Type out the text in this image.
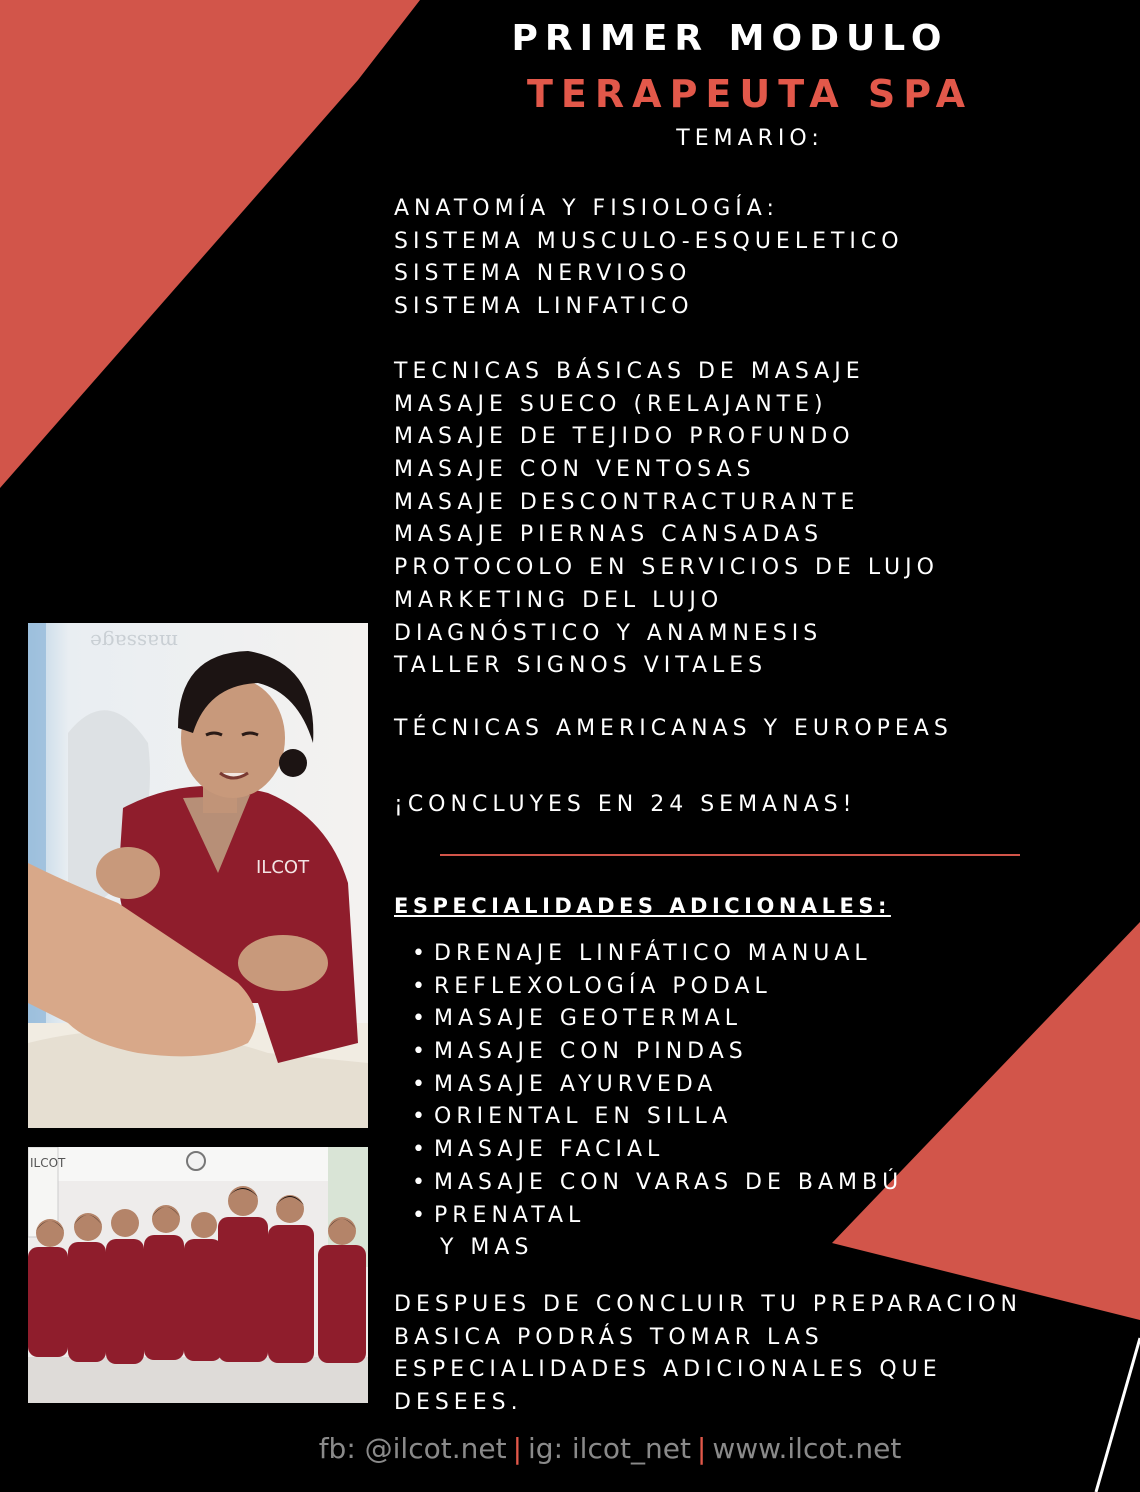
PRIMER MODULO
TERAPEUTA SPA
TEMARIO:
ANATOMÍA Y FISIOLOGÍA:
SISTEMA MUSCULO-ESQUELETICO
SISTEMA NERVIOSO
SISTEMA LINFATICO
TECNICAS BÁSICAS DE MASAJE
MASAJE SUECO (RELAJANTE)
MASAJE DE TEJIDO PROFUNDO
MASAJE CON VENTOSAS
MASAJE DESCONTRACTURANTE
MASAJE PIERNAS CANSADAS
PROTOCOLO EN SERVICIOS DE LUJO
MARKETING DEL LUJO
DIAGNÓSTICO Y ANAMNESIS
TALLER SIGNOS VITALES
TÉCNICAS AMERICANAS Y EUROPEAS
¡CONCLUYES EN 24 SEMANAS!
ESPECIALIDADES ADICIONALES:
• DRENAJE LINFÁTICO MANUAL
• REFLEXOLOGÍA PODAL
• MASAJE GEOTERMAL
• MASAJE CON PINDAS
• MASAJE AYURVEDA
• ORIENTAL EN SILLA
• MASAJE FACIAL
• MASAJE CON VARAS DE BAMBÚ
• PRENATAL
Y MAS
DESPUES DE CONCLUIR TU PREPARACION
BASICA PODRÁS TOMAR LAS
ESPECIALIDADES ADICIONALES QUE
DESEES.
massage
ILCOT
ILCOT
fb: @ilcot.net | ig: ilcot_net | www.ilcot.net
